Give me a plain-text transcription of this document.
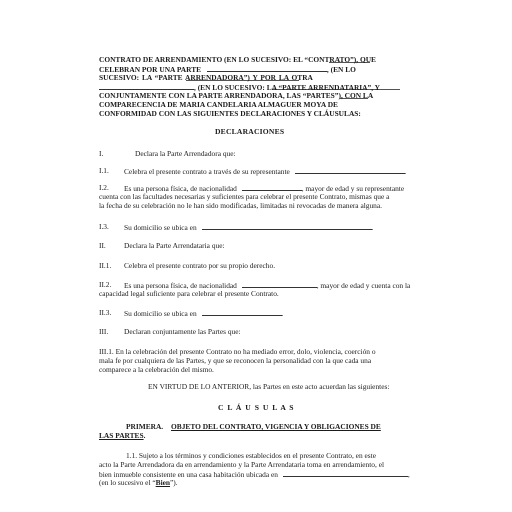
CONTRATO DE ARRENDAMIENTO (EN LO SUCESIVO: EL “CONTRATO”), QUE
CELEBRAN POR UNA PARTE	, (EN LO
SUCESIVO: LA “PARTE ARRENDADORA”) Y POR LA OTRA
, (EN LO SUCESIVO: LA “PARTE ARRENDATARIA”, Y
CONJUNTAMENTE CON LA PARTE ARRENDADORA, LAS “PARTES”), CON LA
COMPARECENCIA DE MARIA CANDELARIA ALMAGUER MOYA DE
CONFORMIDAD CON LAS SIGUIENTES DECLARACIONES Y CLÁUSULAS:
DECLARACIONES
I.	Declara la Parte Arrendadora que:
I.1. Celebra el presente contrato a través de su representante	.
I.2. Es una persona física, de nacionalidad	, mayor de edad y su representante
cuenta con las facultades necesarias y suficientes para celebrar el presente Contrato, mismas que a
la fecha de su celebración no le han sido modificadas, limitadas ni revocadas de manera alguna.
I.3. Su domicilio se ubica en	.
II. Declara la Parte Arrendataria que:
II.1. Celebra el presente contrato por su propio derecho.
II.2. Es una persona física, de nacionalidad	, mayor de edad y cuenta con la
capacidad legal suficiente para celebrar el presente Contrato.
II.3. Su domicilio se ubica en	.
III. Declaran conjuntamente las Partes que:
III.1. En la celebración del presente Contrato no ha mediado error, dolo, violencia, coerción o
mala fe por cualquiera de las Partes, y que se reconocen la personalidad con la que cada una
comparece a la celebración del mismo.
EN VIRTUD DE LO ANTERIOR, las Partes en este acto acuerdan las siguientes:
C L Á U S U L A S
PRIMERA. OBJETO DEL CONTRATO, VIGENCIA Y OBLIGACIONES DE
LAS PARTES.
1.1. Sujeto a los términos y condiciones establecidos en el presente Contrato, en este
acto la Parte Arrendadora da en arrendamiento y la Parte Arrendataria toma en arrendamiento, el
bien inmueble consistente en una casa habitación ubicada en	,
(en lo sucesivo el “Bien”).
